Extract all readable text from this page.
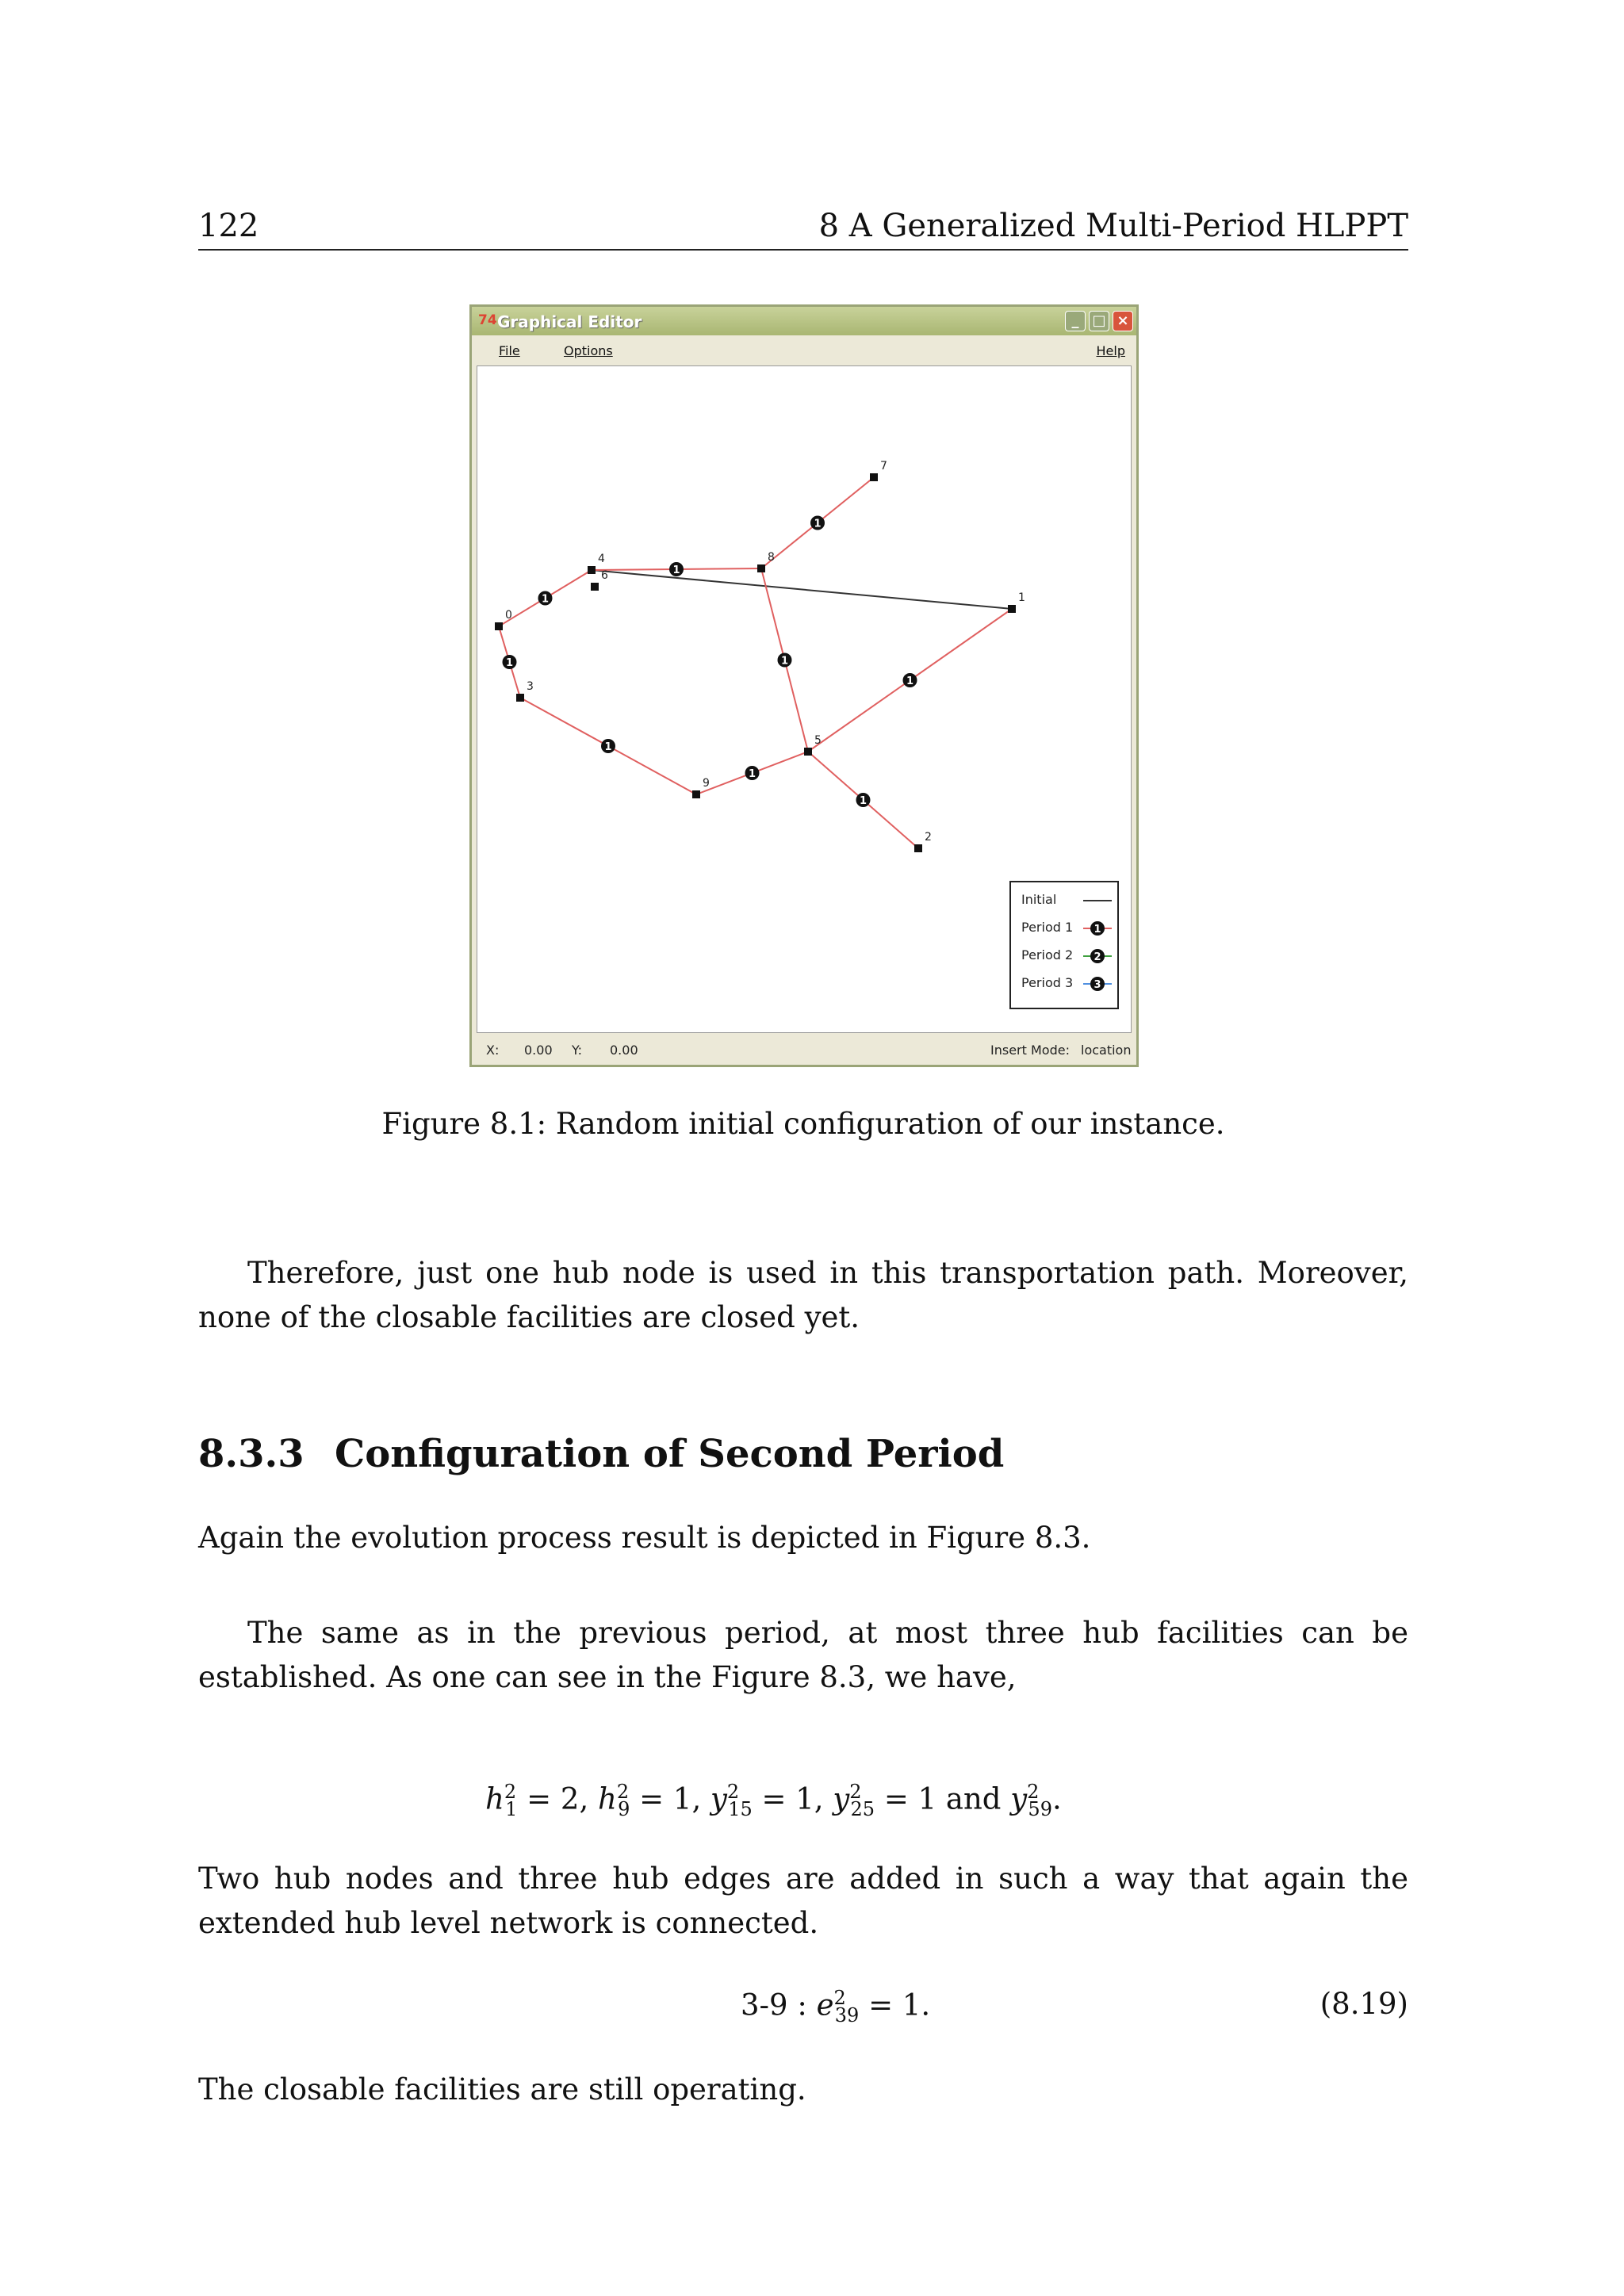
122	8 A Generalized Multi-Period HLPPT
74 Graphical Editor	_ □ ×
File	Options	Help
1
1
1
1
1
1
1
1
1
0
1
2
3
4
5
6
7
8
9
Initial
Period 1 1
Period 2 2
Period 3 3
X: 0.00 Y: 0.00	Insert Mode: location
Figure 8.1: Random initial configuration of our instance.
Therefore, just one hub node is used in this transportation path. Moreover, none of the closable facilities are closed yet.
8.3.3 Configuration of Second Period
Again the evolution process result is depicted in Figure 8.3.
The same as in the previous period, at most three hub facilities can be established. As one can see in the Figure 8.3, we have,
$h^2_1 = 2$, $h^2_9 = 1$, $y^2_{15} = 1$, $y^2_{25} = 1$ and $y^2_{59}$.
Two hub nodes and three hub edges are added in such a way that again the extended hub level network is connected.
3-9 : $e^2_{39} = 1$.	(8.19)
The closable facilities are still operating.
